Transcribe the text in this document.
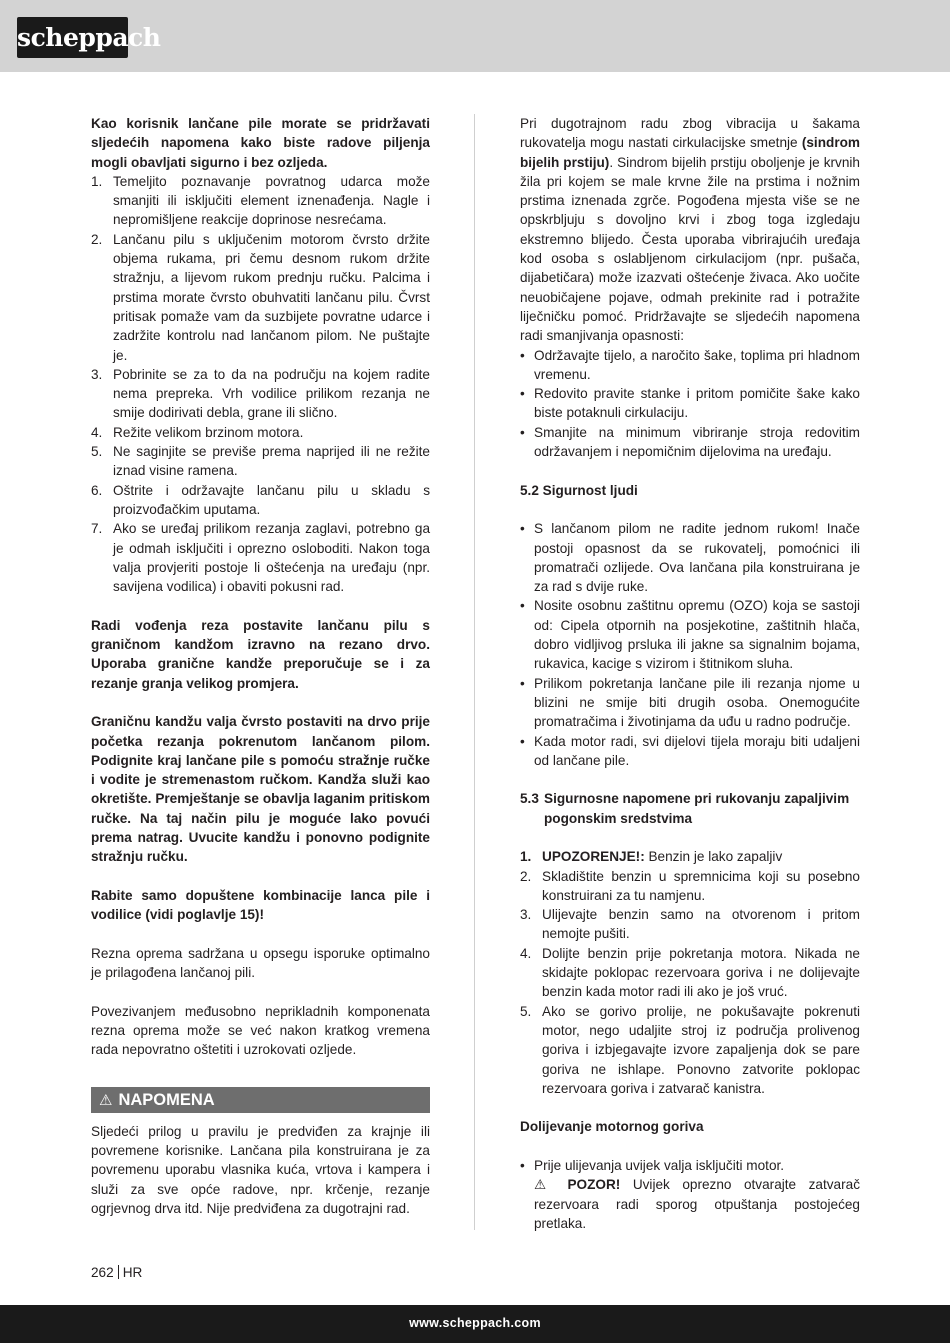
scheppach

Kao korisnik lančane pile morate se pridržavati sljedećih napomena kako biste radove piljenja mogli obavljati sigurno i bez ozljeda.

1. Temeljito poznavanje povratnog udarca može smanjiti ili isključiti element iznenađenja. Nagle i nepromišljene reakcije doprinose nesrećama.
2. Lančanu pilu s uključenim motorom čvrsto držite objema rukama, pri čemu desnom rukom držite stražnju, a lijevom rukom prednju ručku. Palcima i prstima morate čvrsto obuhvatiti lančanu pilu. Čvrst pritisak pomaže vam da suzbijete povratne udarce i zadržite kontrolu nad lančanom pilom. Ne puštajte je.
3. Pobrinite se za to da na području na kojem radite nema prepreka. Vrh vodilice prilikom rezanja ne smije dodirivati debla, grane ili slično.
4. Režite velikom brzinom motora.
5. Ne saginjite se previše prema naprijed ili ne režite iznad visine ramena.
6. Oštrite i održavajte lančanu pilu u skladu s proizvođačkim uputama.
7. Ako se uređaj prilikom rezanja zaglavi, potrebno ga je odmah isključiti i oprezno osloboditi. Nakon toga valja provjeriti postoje li oštećenja na uređaju (npr. savijena vodilica) i obaviti pokusni rad.

Radi vođenja reza postavite lančanu pilu s graničnom kandžom izravno na rezano drvo. Uporaba granične kandže preporučuje se i za rezanje granja velikog promjera.

Graničnu kandžu valja čvrsto postaviti na drvo prije početka rezanja pokrenutom lančanom pilom. Podignite kraj lančane pile s pomoću stražnje ručke i vodite je stremenastom ručkom. Kandža služi kao okretište. Premještanje se obavlja laganim pritiskom ručke. Na taj način pilu je moguće lako povući prema natrag. Uvucite kandžu i ponovno podignite stražnju ručku.

Rabite samo dopuštene kombinacije lanca pile i vodilice (vidi poglavlje 15)!

Rezna oprema sadržana u opsegu isporuke optimalno je prilagođena lančanoj pili.

Povezivanjem međusobno neprikladnih komponenata rezna oprema može se već nakon kratkog vremena rada nepovratno oštetiti i uzrokovati ozljede.

⚠ NAPOMENA

Sljedeći prilog u pravilu je predviđen za krajnje ili povremene korisnike. Lančana pila konstruirana je za povremenu uporabu vlasnika kuća, vrtova i kampera i služi za sve opće radove, npr. krčenje, rezanje ogrjevnog drva itd. Nije predviđena za dugotrajni rad.

Pri dugotrajnom radu zbog vibracija u šakama rukovatelja mogu nastati cirkulacijske smetnje (sindrom bijelih prstiju). Sindrom bijelih prstiju oboljenje je krvnih žila pri kojem se male krvne žile na prstima i nožnim prstima iznenada zgrče. Pogođena mjesta više se ne opskrbljuju s dovoljno krvi i zbog toga izgledaju ekstremno blijedo. Česta uporaba vibrirajućih uređaja kod osoba s oslabljenom cirkulacijom (npr. pušača, dijabetičara) može izazvati oštećenje živaca. Ako uočite neuobičajene pojave, odmah prekinite rad i potražite liječničku pomoć. Pridržavajte se sljedećih napomena radi smanjivanja opasnosti:

• Održavajte tijelo, a naročito šake, toplima pri hladnom vremenu.
• Redovito pravite stanke i pritom pomičite šake kako biste potaknuli cirkulaciju.
• Smanjite na minimum vibriranje stroja redovitim održavanjem i nepomičnim dijelovima na uređaju.

5.2 Sigurnost ljudi

• S lančanom pilom ne radite jednom rukom! Inače postoji opasnost da se rukovatelj, pomoćnici ili promatrači ozlijede. Ova lančana pila konstruirana je za rad s dvije ruke.
• Nosite osobnu zaštitnu opremu (OZO) koja se sastoji od: Cipela otpornih na posjekotine, zaštitnih hlača, dobro vidljivog prsluka ili jakne sa signalnim bojama, rukavica, kacige s vizirom i štitnikom sluha.
• Prilikom pokretanja lančane pile ili rezanja njome u blizini ne smije biti drugih osoba. Onemogućite promatračima i životinjama da uđu u radno područje.
• Kada motor radi, svi dijelovi tijela moraju biti udaljeni od lančane pile.
5.3 Sigurnosne napomene pri rukovanju zapaljivim pogonskim sredstvima
1. UPOZORENJE!: Benzin je lako zapaljiv
2. Skladištite benzin u spremnicima koji su posebno konstruirani za tu namjenu.
3. Ulijevajte benzin samo na otvorenom i pritom nemojte pušiti.
4. Dolijte benzin prije pokretanja motora. Nikada ne skidajte poklopac rezervoara goriva i ne dolijevajte benzin kada motor radi ili ako je još vruć.
5. Ako se gorivo prolije, ne pokušavajte pokrenuti motor, nego udaljite stroj iz područja prolivenog goriva i izbjegavajte izvore zapaljenja dok se pare goriva ne ishlape. Ponovno zatvorite poklopac rezervoara goriva i zatvarač kanistra.

Dolijevanje motornog goriva

• Prije ulijevanja uvijek valja isključiti motor.
⚠ POZOR! Uvijek oprezno otvarajte zatvarač rezervoara radi sporog otpuštanja postojećeg pretlaka.
262 HR
www.scheppach.com
